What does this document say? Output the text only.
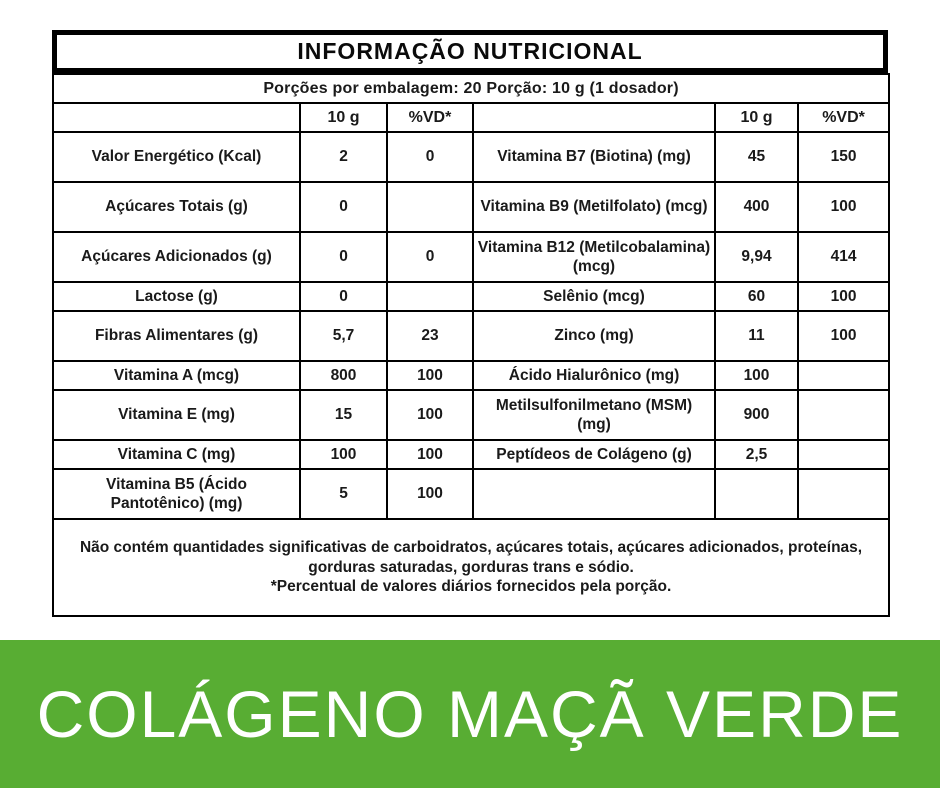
INFORMAÇÃO NUTRICIONAL
Porções por embalagem: 20 Porção: 10 g (1 dosador)					
	10 g	%VD*		10 g	%VD*
Valor Energético (Kcal)	2	0	Vitamina B7 (Biotina) (mg)	45	150
Açúcares Totais (g)	0		Vitamina B9 (Metilfolato) (mcg)	400	100
Açúcares Adicionados (g)	0	0	Vitamina B12 (Metilcobalamina) (mcg)	9,94	414
Lactose (g)	0		Selênio (mcg)	60	100
Fibras Alimentares (g)	5,7	23	Zinco (mg)	11	100
Vitamina A (mcg)	800	100	Ácido Hialurônico (mg)	100	
Vitamina E (mg)	15	100	Metilsulfonilmetano (MSM) (mg)	900	
Vitamina C (mg)	100	100	Peptídeos de Colágeno (g)	2,5	
Vitamina B5 (Ácido Pantotênico) (mg)	5	100			

Não contém quantidades significativas de carboidratos, açúcares totais, açúcares adicionados, proteínas, gorduras saturadas, gorduras trans e sódio.
*Percentual de valores diários fornecidos pela porção.					
COLÁGENO MAÇÃ VERDE
